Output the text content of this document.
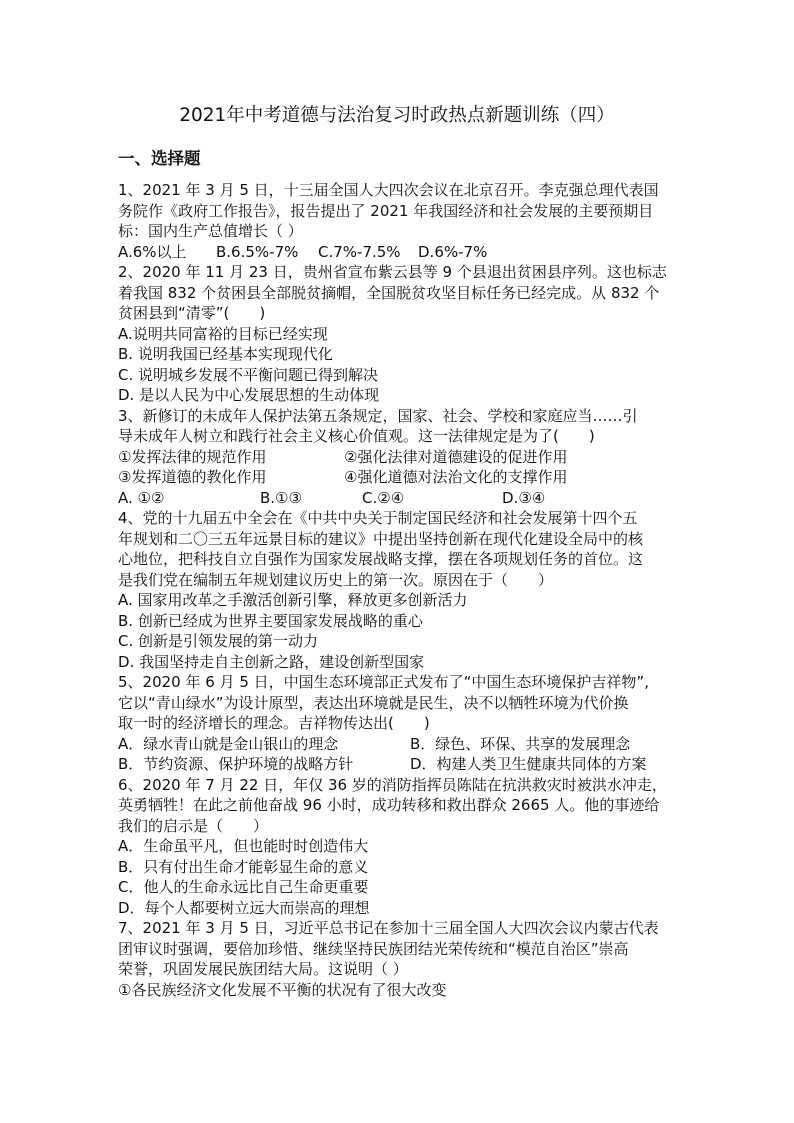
2021年中考道德与法治复习时政热点新题训练（四）
一、选择题
1、2021 年 3 月 5 日，十三届全国人大四次会议在北京召开。李克强总理代表国
务院作《政府工作报告》，报告提出了 2021 年我国经济和社会发展的主要预期目
标：国内生产总值增长（ ）
A.6%以上 B.6.5%-7% C.7%-7.5% D.6%-7%
2、2020 年 11 月 23 日，贵州省宣布紫云县等 9 个县退出贫困县序列。这也标志
着我国 832 个贫困县全部脱贫摘帽，全国脱贫攻坚目标任务已经完成。从 832 个
贫困县到“清零”(　　)
A.说明共同富裕的目标已经实现
B. 说明我国已经基本实现现代化
C. 说明城乡发展不平衡问题已得到解决
D. 是以人民为中心发展思想的生动体现
3、新修订的未成年人保护法第五条规定，国家、社会、学校和家庭应当……引
导未成年人树立和践行社会主义核心价值观。这一法律规定是为了(　　)
①发挥法律的规范作用	②强化法律对道德建设的促进作用
③发挥道德的教化作用	④强化道德对法治文化的支撑作用
A. ①②	B.①③	C.②④	D.③④
4、党的十九届五中全会在《中共中央关于制定国民经济和社会发展第十四个五
年规划和二〇三五年远景目标的建议》中提出坚持创新在现代化建设全局中的核
心地位，把科技自立自强作为国家发展战略支撑，摆在各项规划任务的首位。这
是我们党在编制五年规划建议历史上的第一次。原因在于（　　）
A. 国家用改革之手激活创新引擎，释放更多创新活力
B. 创新已经成为世界主要国家发展战略的重心
C. 创新是引领发展的第一动力
D. 我国坚持走自主创新之路，建设创新型国家
5、2020 年 6 月 5 日，中国生态环境部正式发布了“中国生态环境保护吉祥物”,
它以“青山绿水”为设计原型，表达出环境就是民生，决不以牺牲环境为代价换
取一时的经济增长的理念。吉祥物传达出(　　)
A．绿水青山就是金山银山的理念	B．绿色、环保、共享的发展理念
B．节约资源、保护环境的战略方针	D．构建人类卫生健康共同体的方案
6、2020 年 7 月 22 日，年仅 36 岁的消防指挥员陈陆在抗洪救灾时被洪水冲走，
英勇牺牲！在此之前他奋战 96 小时，成功转移和救出群众 2665 人。他的事迹给
我们的启示是（　　）
A．生命虽平凡，但也能时时创造伟大
B．只有付出生命才能彰显生命的意义
C．他人的生命永远比自己生命更重要
D．每个人都要树立远大而崇高的理想
7、2021 年 3 月 5 日，习近平总书记在参加十三届全国人大四次会议内蒙古代表
团审议时强调，要倍加珍惜、继续坚持民族团结光荣传统和“模范自治区”崇高
荣誉，巩固发展民族团结大局。这说明（ ）
①各民族经济文化发展不平衡的状况有了很大改变
